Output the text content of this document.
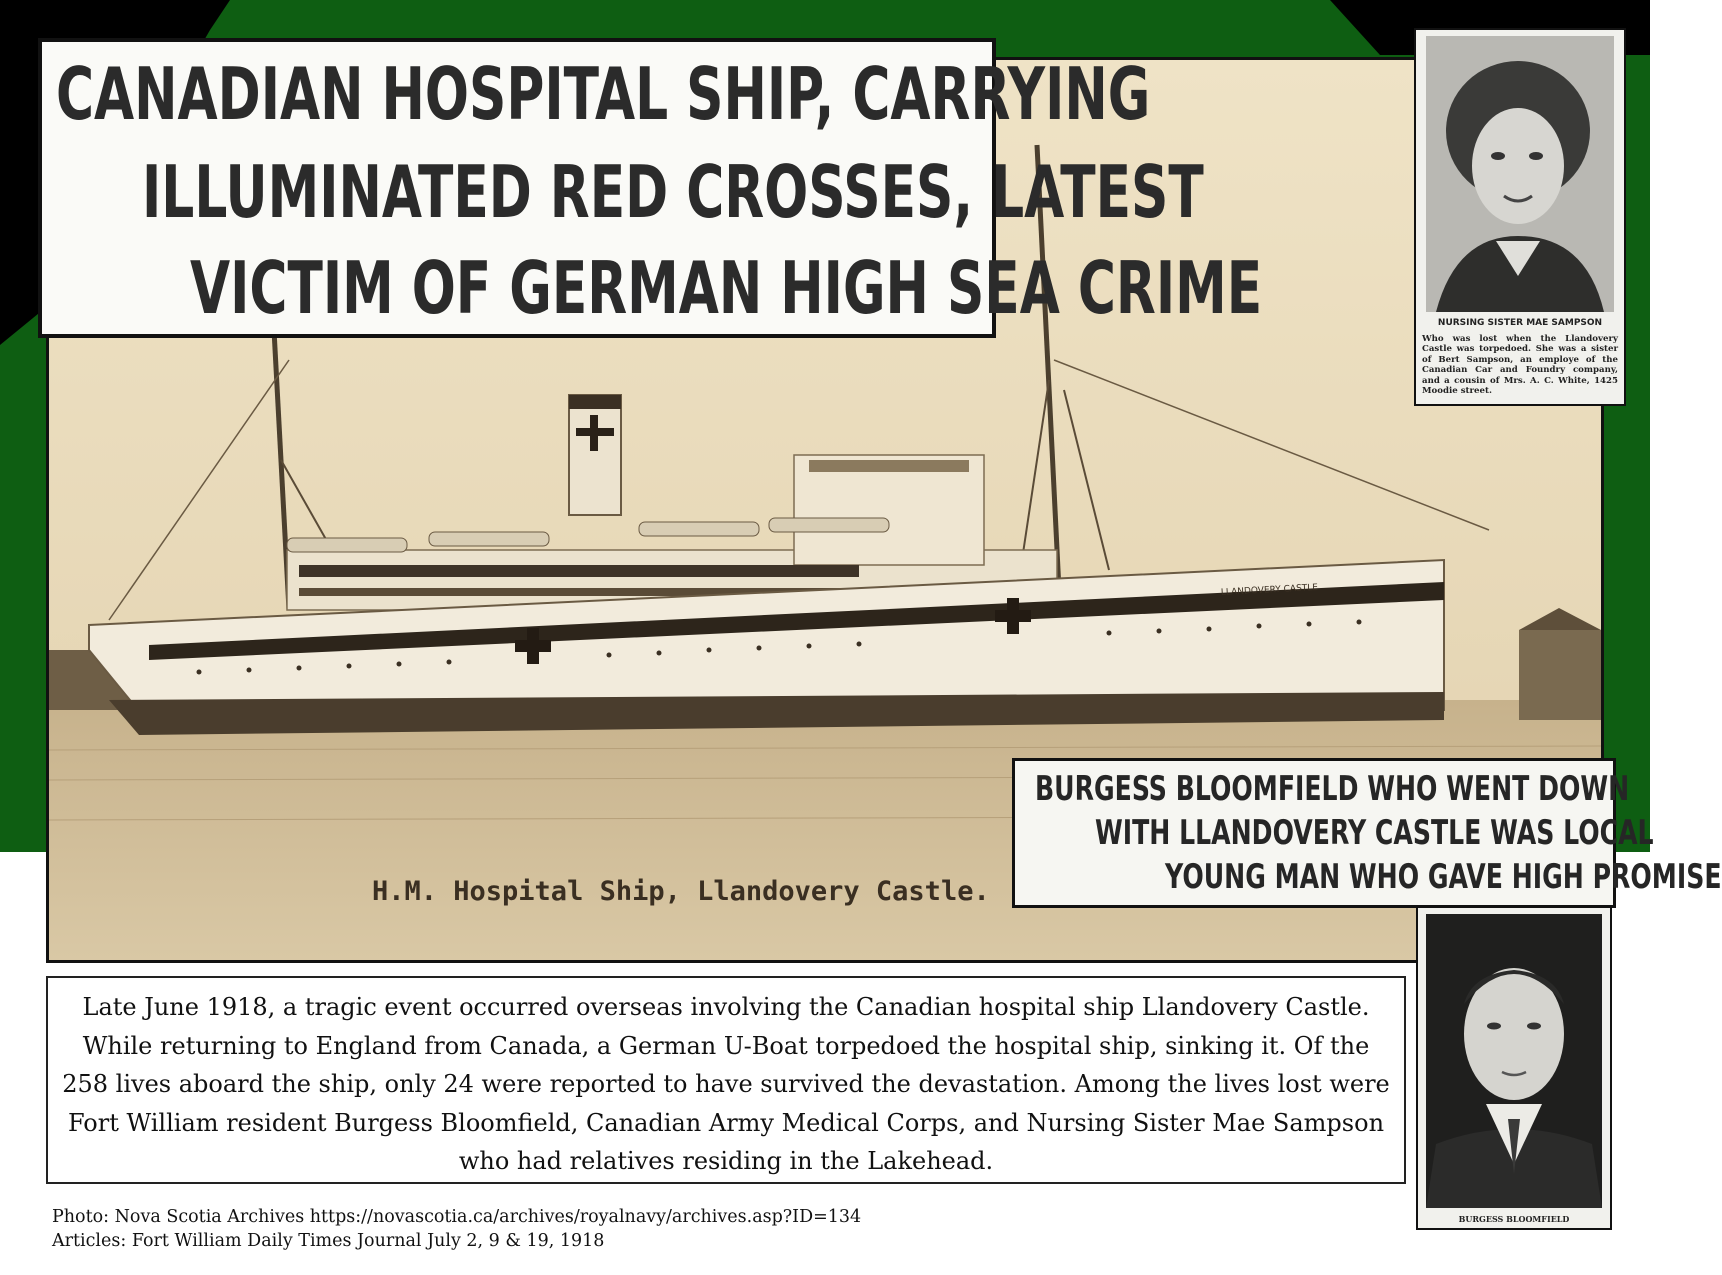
LLANDOVERY CASTLE
H.M. Hospital Ship, Llandovery Castle.
CANADIAN HOSPITAL SHIP, CARRYING
ILLUMINATED RED CROSSES, LATEST
VICTIM OF GERMAN HIGH SEA CRIME
BURGESS BLOOMFIELD WHO WENT DOWN
WITH LLANDOVERY CASTLE WAS LOCAL
YOUNG MAN WHO GAVE HIGH PROMISE
NURSING SISTER MAE SAMPSON
Who was lost when the Llandovery Castle was torpedoed. She was a sister of Bert Sampson, an employe of the Canadian Car and Foundry company, and a cousin of Mrs. A. C. White, 1425 Moodie street.
BURGESS BLOOMFIELD

Late June 1918, a tragic event occurred overseas involving the Canadian hospital ship Llandovery Castle. While returning to England from Canada, a German U-Boat torpedoed the hospital ship, sinking it. Of the 258 lives aboard the ship, only 24 were reported to have survived the devastation. Among the lives lost were Fort William resident Burgess Bloomfield, Canadian Army Medical Corps, and Nursing Sister Mae Sampson who had relatives residing in the Lakehead.

Photo: Nova Scotia Archives https://novascotia.ca/archives/royalnavy/archives.asp?ID=134
Articles: Fort William Daily Times Journal July 2, 9 & 19, 1918
